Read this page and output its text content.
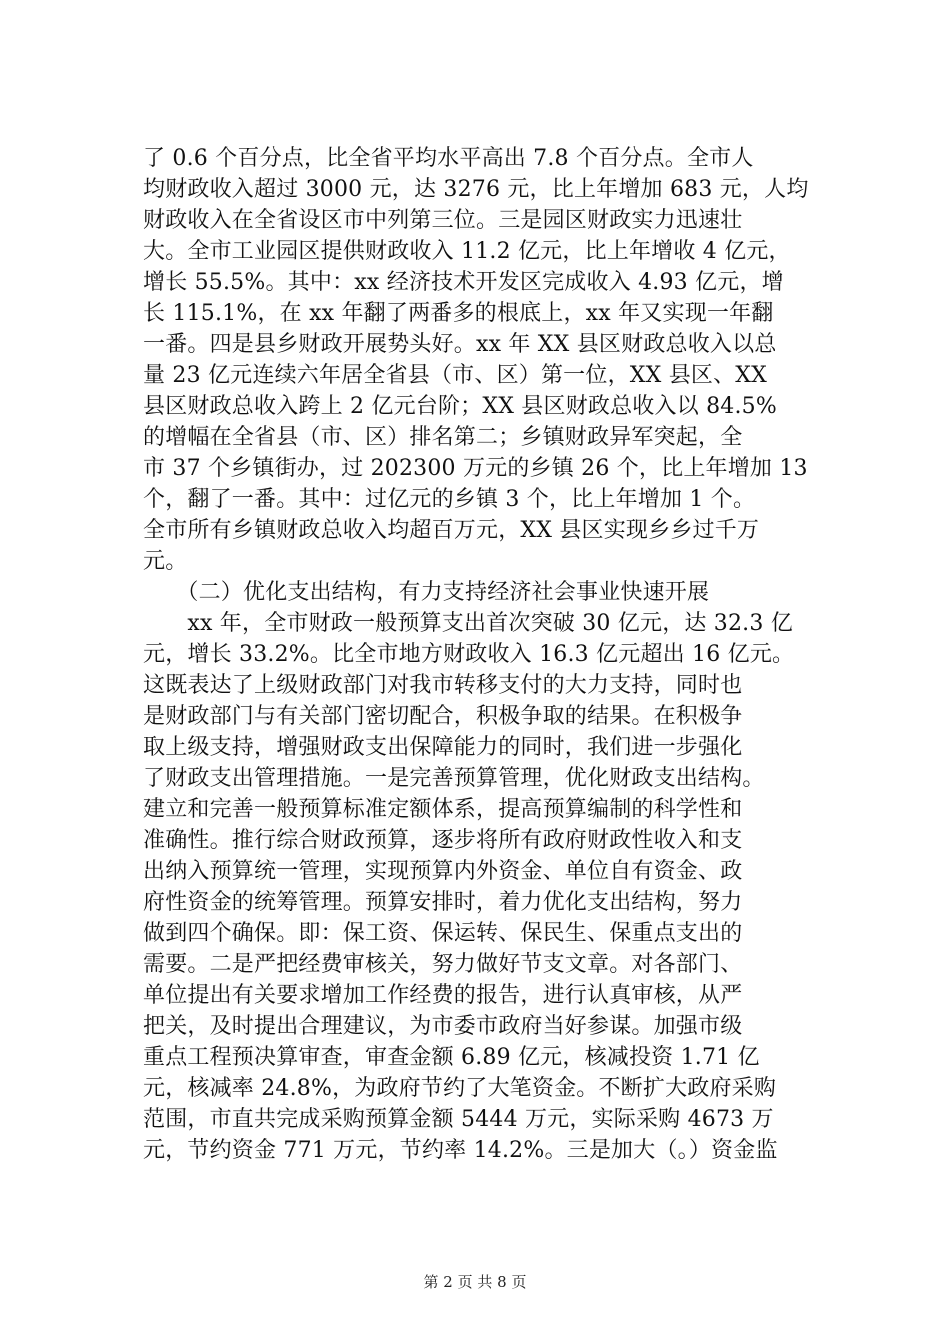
了 0.6 个百分点，比全省平均水平高出 7.8 个百分点。全市人
均财政收入超过 3000 元，达 3276 元，比上年增加 683 元，人均
财政收入在全省设区市中列第三位。三是园区财政实力迅速壮
大。全市工业园区提供财政收入 11.2 亿元，比上年增收 4 亿元，
增长 55.5%。其中：xx 经济技术开发区完成收入 4.93 亿元，增
长 115.1%，在 xx 年翻了两番多的根底上，xx 年又实现一年翻
一番。四是县乡财政开展势头好。xx 年 XX 县区财政总收入以总
量 23 亿元连续六年居全省县（市、区）第一位，XX 县区、XX
县区财政总收入跨上 2 亿元台阶；XX 县区财政总收入以 84.5%
的增幅在全省县（市、区）排名第二；乡镇财政异军突起，全
市 37 个乡镇街办，过 202300 万元的乡镇 26 个，比上年增加 13
个，翻了一番。其中：过亿元的乡镇 3 个，比上年增加 1 个。
全市所有乡镇财政总收入均超百万元，XX 县区实现乡乡过千万
元。
　　（二）优化支出结构，有力支持经济社会事业快速开展
　　xx 年，全市财政一般预算支出首次突破 30 亿元，达 32.3 亿
元，增长 33.2%。比全市地方财政收入 16.3 亿元超出 16 亿元。
这既表达了上级财政部门对我市转移支付的大力支持，同时也
是财政部门与有关部门密切配合，积极争取的结果。在积极争
取上级支持，增强财政支出保障能力的同时，我们进一步强化
了财政支出管理措施。一是完善预算管理，优化财政支出结构。
建立和完善一般预算标准定额体系，提高预算编制的科学性和
准确性。推行综合财政预算，逐步将所有政府财政性收入和支
出纳入预算统一管理，实现预算内外资金、单位自有资金、政
府性资金的统筹管理。预算安排时，着力优化支出结构，努力
做到四个确保。即：保工资、保运转、保民生、保重点支出的
需要。二是严把经费审核关，努力做好节支文章。对各部门、
单位提出有关要求增加工作经费的报告，进行认真审核，从严
把关，及时提出合理建议，为市委市政府当好参谋。加强市级
重点工程预决算审查，审查金额 6.89 亿元，核减投资 1.71 亿
元，核减率 24.8%，为政府节约了大笔资金。不断扩大政府采购
范围，市直共完成采购预算金额 5444 万元，实际采购 4673 万
元，节约资金 771 万元，节约率 14.2%。三是加大（。）资金监
第 2 页 共 8 页
